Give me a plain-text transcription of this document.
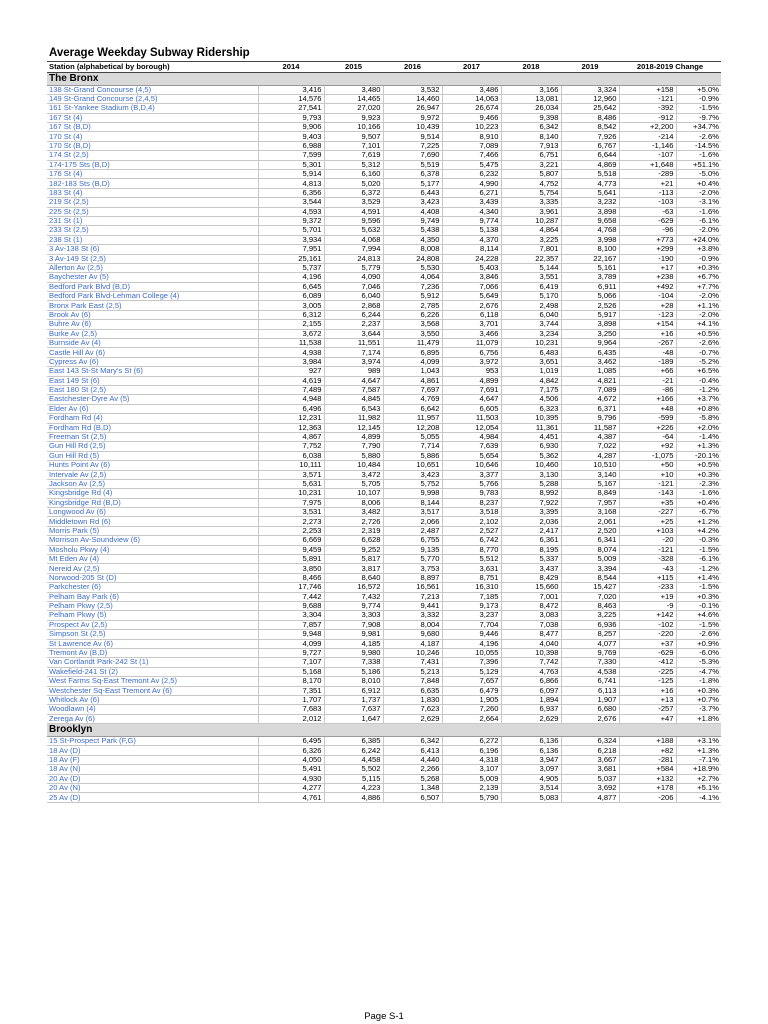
Average Weekday Subway Ridership
Station (alphabetical by borough)	2014	2015	2016	2017	2018	2019	2018-2019 Change	
The Bronx								
138 St-Grand Concourse (4,5)	3,416	3,480	3,532	3,486	3,166	3,324	+158	+5.0%
149 St-Grand Concourse (2,4,5)	14,576	14,465	14,460	14,063	13,081	12,960	-121	-0.9%
161 St-Yankee Stadium (B,D,4)	27,541	27,020	26,947	26,674	26,034	25,642	-392	-1.5%
167 St (4)	9,793	9,923	9,972	9,466	9,398	8,486	-912	-9.7%
167 St (B,D)	9,906	10,166	10,439	10,223	6,342	8,542	+2,200	+34.7%
170 St (4)	9,403	9,507	9,514	8,910	8,140	7,926	-214	-2.6%
170 St (B,D)	6,988	7,101	7,225	7,089	7,913	6,767	-1,146	-14.5%
174 St (2,5)	7,599	7,619	7,690	7,466	6,751	6,644	-107	-1.6%
174-175 Sts (B,D)	5,301	5,312	5,519	5,475	3,221	4,869	+1,648	+51.1%
176 St (4)	5,914	6,160	6,378	6,232	5,807	5,518	-289	-5.0%
182-183 Sts (B,D)	4,813	5,020	5,177	4,990	4,752	4,773	+21	+0.4%
183 St (4)	6,356	6,372	6,443	6,271	5,754	5,641	-113	-2.0%
219 St (2,5)	3,544	3,529	3,423	3,439	3,335	3,232	-103	-3.1%
225 St (2,5)	4,593	4,591	4,408	4,340	3,961	3,898	-63	-1.6%
231 St (1)	9,372	9,596	9,749	9,774	10,287	9,658	-629	-6.1%
233 St (2,5)	5,701	5,632	5,438	5,138	4,864	4,768	-96	-2.0%
238 St (1)	3,934	4,068	4,350	4,370	3,225	3,998	+773	+24.0%
3 Av-138 St (6)	7,951	7,994	8,008	8,114	7,801	8,100	+299	+3.8%
3 Av-149 St (2,5)	25,161	24,813	24,808	24,228	22,357	22,167	-190	-0.9%
Allerton Av (2,5)	5,737	5,779	5,530	5,403	5,144	5,161	+17	+0.3%
Baychester Av (5)	4,196	4,090	4,064	3,846	3,551	3,789	+238	+6.7%
Bedford Park Blvd (B,D)	6,645	7,046	7,236	7,066	6,419	6,911	+492	+7.7%
Bedford Park Blvd-Lehman College (4)	6,089	6,040	5,912	5,649	5,170	5,066	-104	-2.0%
Bronx Park East (2,5)	3,005	2,868	2,785	2,676	2,498	2,526	+28	+1.1%
Brook Av (6)	6,312	6,244	6,226	6,118	6,040	5,917	-123	-2.0%
Buhre Av (6)	2,155	2,237	3,568	3,701	3,744	3,898	+154	+4.1%
Burke Av (2,5)	3,672	3,644	3,550	3,466	3,234	3,250	+16	+0.5%
Burnside Av (4)	11,538	11,551	11,479	11,079	10,231	9,964	-267	-2.6%
Castle Hill Av (6)	4,938	7,174	6,895	6,756	6,483	6,435	-48	-0.7%
Cypress Av (6)	3,984	3,974	4,099	3,972	3,651	3,462	-189	-5.2%
East 143 St-St Mary's St (6)	927	989	1,043	953	1,019	1,085	+66	+6.5%
East 149 St (6)	4,619	4,647	4,861	4,899	4,842	4,821	-21	-0.4%
East 180 St (2,5)	7,489	7,587	7,697	7,691	7,175	7,089	-86	-1.2%
Eastchester-Dyre Av (5)	4,948	4,845	4,769	4,647	4,506	4,672	+166	+3.7%
Elder Av (6)	6,496	6,543	6,642	6,605	6,323	6,371	+48	+0.8%
Fordham Rd (4)	12,231	11,982	11,957	11,503	10,395	9,796	-599	-5.8%
Fordham Rd (B,D)	12,363	12,145	12,208	12,054	11,361	11,587	+226	+2.0%
Freeman St (2,5)	4,867	4,899	5,055	4,984	4,451	4,387	-64	-1.4%
Gun Hill Rd (2,5)	7,752	7,790	7,714	7,639	6,930	7,022	+92	+1.3%
Gun Hill Rd (5)	6,038	5,880	5,886	5,654	5,362	4,287	-1,075	-20.1%
Hunts Point Av (6)	10,111	10,484	10,651	10,646	10,460	10,510	+50	+0.5%
Intervale Av (2,5)	3,571	3,472	3,423	3,377	3,130	3,140	+10	+0.3%
Jackson Av (2,5)	5,631	5,705	5,752	5,766	5,288	5,167	-121	-2.3%
Kingsbridge Rd (4)	10,231	10,107	9,998	9,783	8,992	8,849	-143	-1.6%
Kingsbridge Rd (B,D)	7,975	8,006	8,144	8,237	7,922	7,957	+35	+0.4%
Longwood Av (6)	3,531	3,482	3,517	3,518	3,395	3,168	-227	-6.7%
Middletown Rd (6)	2,273	2,726	2,066	2,102	2,036	2,061	+25	+1.2%
Morris Park (5)	2,253	2,319	2,487	2,527	2,417	2,520	+103	+4.2%
Morrison Av-Soundview (6)	6,669	6,628	6,755	6,742	6,361	6,341	-20	-0.3%
Mosholu Pkwy (4)	9,459	9,252	9,135	8,770	8,195	8,074	-121	-1.5%
Mt Eden Av (4)	5,891	5,817	5,770	5,512	5,337	5,009	-328	-6.1%
Nereid Av (2,5)	3,850	3,817	3,753	3,631	3,437	3,394	-43	-1.2%
Norwood-205 St (D)	8,466	8,640	8,897	8,751	8,429	8,544	+115	+1.4%
Parkchester (6)	17,746	16,572	16,561	16,310	15,660	15,427	-233	-1.5%
Pelham Bay Park (6)	7,442	7,432	7,213	7,185	7,001	7,020	+19	+0.3%
Pelham Pkwy (2,5)	9,688	9,774	9,441	9,173	8,472	8,463	-9	-0.1%
Pelham Pkwy (5)	3,304	3,303	3,332	3,237	3,083	3,225	+142	+4.6%
Prospect Av (2,5)	7,857	7,908	8,004	7,704	7,038	6,936	-102	-1.5%
Simpson St (2,5)	9,948	9,981	9,680	9,446	8,477	8,257	-220	-2.6%
St Lawrence Av (6)	4,099	4,185	4,187	4,196	4,040	4,077	+37	+0.9%
Tremont Av (B,D)	9,727	9,980	10,246	10,055	10,398	9,769	-629	-6.0%
Van Cortlandt Park-242 St (1)	7,107	7,338	7,431	7,396	7,742	7,330	-412	-5.3%
Wakefield-241 St (2)	5,168	5,186	5,213	5,129	4,763	4,538	-225	-4.7%
West Farms Sq-East Tremont Av (2,5)	8,170	8,010	7,848	7,657	6,866	6,741	-125	-1.8%
Westchester Sq-East Tremont Av (6)	7,351	6,912	6,635	6,479	6,097	6,113	+16	+0.3%
Whitlock Av (6)	1,707	1,737	1,830	1,905	1,894	1,907	+13	+0.7%
Woodlawn (4)	7,683	7,637	7,623	7,260	6,937	6,680	-257	-3.7%
Zerega Av (6)	2,012	1,647	2,629	2,664	2,629	2,676	+47	+1.8%
Brooklyn								
15 St-Prospect Park (F,G)	6,495	6,385	6,342	6,272	6,136	6,324	+188	+3.1%
18 Av (D)	6,326	6,242	6,413	6,196	6,136	6,218	+82	+1.3%
18 Av (F)	4,050	4,458	4,440	4,318	3,947	3,667	-281	-7.1%
18 Av (N)	5,491	5,502	2,266	3,107	3,097	3,681	+584	+18.9%
20 Av (D)	4,930	5,115	5,268	5,009	4,905	5,037	+132	+2.7%
20 Av (N)	4,277	4,223	1,348	2,139	3,514	3,692	+178	+5.1%
25 Av (D)	4,761	4,886	6,507	5,790	5,083	4,877	-206	-4.1%
Page S-1
